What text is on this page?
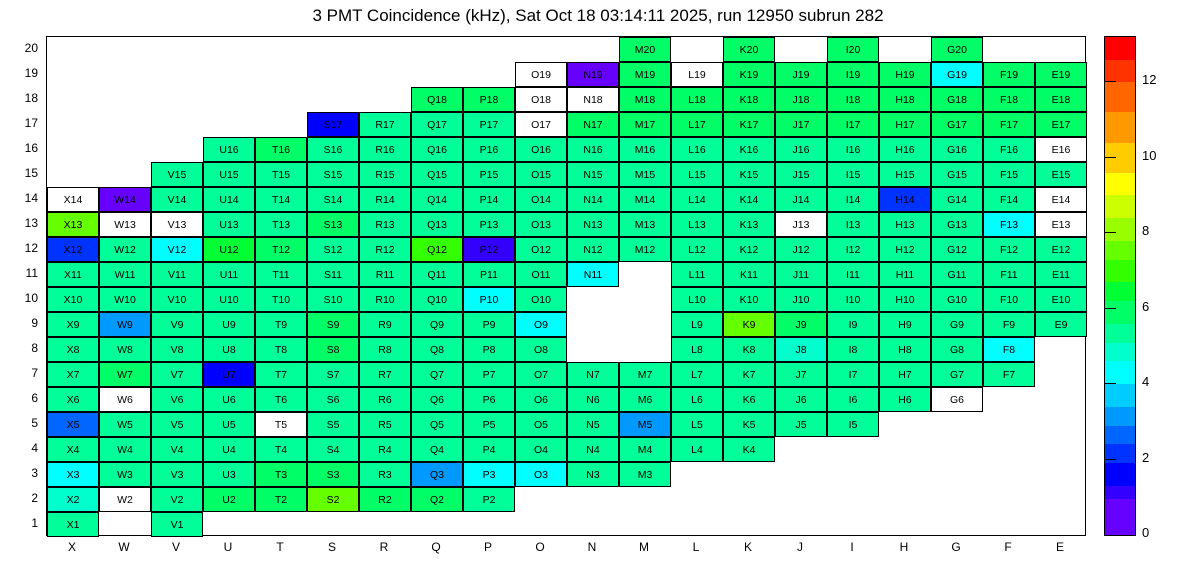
3 PMT Coincidence (kHz), Sat Oct 18 03:14:11 2025, run 12950 subrun 282
1
2
3
4
5
6
7
8
9
10
11
12
13
14
15
16
17
18
19
20
X1	V1
X2	W2	V2	U2	T2	S2	R2	Q2	P2
X3	W3	V3	U3	T3	S3	R3	Q3	P3	O3	N3	M3
X4	W4	V4	U4	T4	S4	R4	Q4	P4	O4	N4	M4	L4	K4
X5	W5	V5	U5	T5	S5	R5	Q5	P5	O5	N5	M5	L5	K5	J5	I5
X6	W6	V6	U6	T6	S6	R6	Q6	P6	O6	N6	M6	L6	K6	J6	I6	H6	G6
X7	W7	V7	U7	T7	S7	R7	Q7	P7	O7	N7	M7	L7	K7	J7	I7	H7	G7	F7
X8	W8	V8	U8	T8	S8	R8	Q8	P8	O8	L8	K8	J8	I8	H8	G8	F8
X9	W9	V9	U9	T9	S9	R9	Q9	P9	O9	L9	K9	J9	I9	H9	G9	F9	E9
X10	W10	V10	U10	T10	S10	R10	Q10	P10	O10	L10	K10	J10	I10	H10	G10	F10	E10
X11	W11	V11	U11	T11	S11	R11	Q11	P11	O11	N11	L11	K11	J11	I11	H11	G11	F11	E11
X12	W12	V12	U12	T12	S12	R12	Q12	P12	O12	N12	M12	L12	K12	J12	I12	H12	G12	F12	E12
X13	W13	V13	U13	T13	S13	R13	Q13	P13	O13	N13	M13	L13	K13	J13	I13	H13	G13	F13	E13
X14	W14	V14	U14	T14	S14	R14	Q14	P14	O14	N14	M14	L14	K14	J14	I14	H14	G14	F14	E14
V15	U15	T15	S15	R15	Q15	P15	O15	N15	M15	L15	K15	J15	I15	H15	G15	F15	E15
U16	T16	S16	R16	Q16	P16	O16	N16	M16	L16	K16	J16	I16	H16	G16	F16	E16
S17	R17	Q17	P17	O17	N17	M17	L17	K17	J17	I17	H17	G17	F17	E17
Q18	P18	O18	N18	M18	L18	K18	J18	I18	H18	G18	F18	E18
O19	N19	M19	L19	K19	J19	I19	H19	G19	F19	E19
M20	K20	I20	G20
X	W	V	U	T	S	R	Q	P	O	N	M	L	K	J	I	H	G	F	E
0
2
4
6
8
10
12
